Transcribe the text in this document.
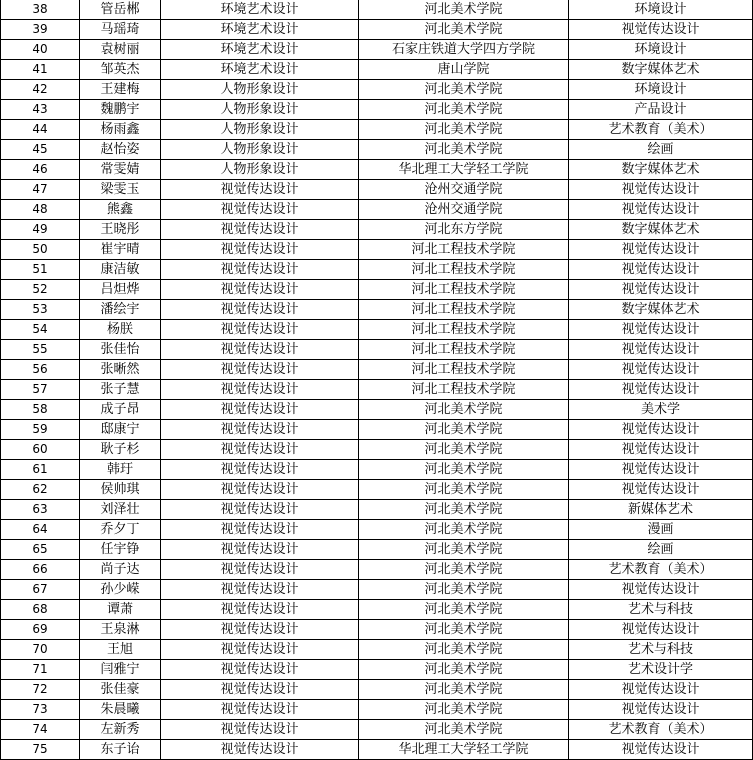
38	管岳郴	环境艺术设计	河北美术学院	环境设计
39	马瑶琦	环境艺术设计	河北美术学院	视觉传达设计
40	袁树丽	环境艺术设计	石家庄铁道大学四方学院	环境设计
41	邹英杰	环境艺术设计	唐山学院	数字媒体艺术
42	王建梅	人物形象设计	河北美术学院	环境设计
43	魏鹏宇	人物形象设计	河北美术学院	产品设计
44	杨雨鑫	人物形象设计	河北美术学院	艺术教育（美术）
45	赵怡姿	人物形象设计	河北美术学院	绘画
46	常雯婧	人物形象设计	华北理工大学轻工学院	数字媒体艺术
47	梁雯玉	视觉传达设计	沧州交通学院	视觉传达设计
48	熊鑫	视觉传达设计	沧州交通学院	视觉传达设计
49	王晓彤	视觉传达设计	河北东方学院	数字媒体艺术
50	崔宇晴	视觉传达设计	河北工程技术学院	视觉传达设计
51	康洁敏	视觉传达设计	河北工程技术学院	视觉传达设计
52	吕炟烨	视觉传达设计	河北工程技术学院	视觉传达设计
53	潘绘宇	视觉传达设计	河北工程技术学院	数字媒体艺术
54	杨朕	视觉传达设计	河北工程技术学院	视觉传达设计
55	张佳怡	视觉传达设计	河北工程技术学院	视觉传达设计
56	张晰然	视觉传达设计	河北工程技术学院	视觉传达设计
57	张子慧	视觉传达设计	河北工程技术学院	视觉传达设计
58	成子昂	视觉传达设计	河北美术学院	美术学
59	邸康宁	视觉传达设计	河北美术学院	视觉传达设计
60	耿子杉	视觉传达设计	河北美术学院	视觉传达设计
61	韩玗	视觉传达设计	河北美术学院	视觉传达设计
62	侯帅琪	视觉传达设计	河北美术学院	视觉传达设计
63	刘泽壮	视觉传达设计	河北美术学院	新媒体艺术
64	乔夕丁	视觉传达设计	河北美术学院	漫画
65	任宇铮	视觉传达设计	河北美术学院	绘画
66	尚子达	视觉传达设计	河北美术学院	艺术教育（美术）
67	孙少嵘	视觉传达设计	河北美术学院	视觉传达设计
68	谭萧	视觉传达设计	河北美术学院	艺术与科技
69	王泉淋	视觉传达设计	河北美术学院	视觉传达设计
70	王旭	视觉传达设计	河北美术学院	艺术与科技
71	闫雅宁	视觉传达设计	河北美术学院	艺术设计学
72	张佳豪	视觉传达设计	河北美术学院	视觉传达设计
73	朱晨曦	视觉传达设计	河北美术学院	视觉传达设计
74	左新秀	视觉传达设计	河北美术学院	艺术教育（美术）
75	东子诒	视觉传达设计	华北理工大学轻工学院	视觉传达设计
